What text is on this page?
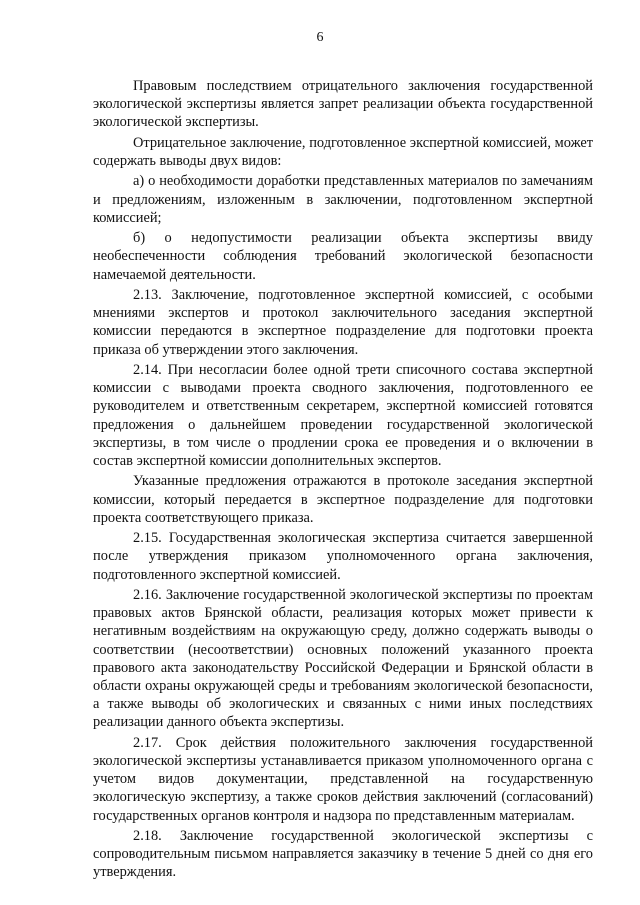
6

Правовым последствием отрицательного заключения государственной экологической экспертизы является запрет реализации объекта государственной экологической экспертизы.

Отрицательное заключение, подготовленное экспертной комиссией, может содержать выводы двух видов:

а) о необходимости доработки представленных материалов по замечаниям и предложениям, изложенным в заключении, подготовленном экспертной комиссией;

б) о недопустимости реализации объекта экспертизы ввиду необеспеченности соблюдения требований экологической безопасности намечаемой деятельности.

2.13. Заключение, подготовленное экспертной комиссией, с особыми мнениями экспертов и протокол заключительного заседания экспертной комиссии передаются в экспертное подразделение для подготовки проекта приказа об утверждении этого заключения.

2.14. При несогласии более одной трети списочного состава экспертной комиссии с выводами проекта сводного заключения, подготовленного ее руководителем и ответственным секретарем, экспертной комиссией готовятся предложения о дальнейшем проведении государственной экологической экспертизы, в том числе о продлении срока ее проведения и о включении в состав экспертной комиссии дополнительных экспертов.

Указанные предложения отражаются в протоколе заседания экспертной комиссии, который передается в экспертное подразделение для подготовки проекта соответствующего приказа.

2.15. Государственная экологическая экспертиза считается завершенной после утверждения приказом уполномоченного органа заключения, подготовленного экспертной комиссией.

2.16. Заключение государственной экологической экспертизы по проектам правовых актов Брянской области, реализация которых может привести к негативным воздействиям на окружающую среду, должно содержать выводы о соответствии (несоответствии) основных положений указанного проекта правового акта законодательству Российской Федерации и Брянской области в области охраны окружающей среды и требованиям экологической безопасности, а также выводы об экологических и связанных с ними иных последствиях реализации данного объекта экспертизы.

2.17. Срок действия положительного заключения государственной экологической экспертизы устанавливается приказом уполномоченного органа с учетом видов документации, представленной на государственную экологическую экспертизу, а также сроков действия заключений (согласований) государственных органов контроля и надзора по представленным материалам.

2.18. Заключение государственной экологической экспертизы с сопроводительным письмом направляется заказчику в течение 5 дней со дня его утверждения.
